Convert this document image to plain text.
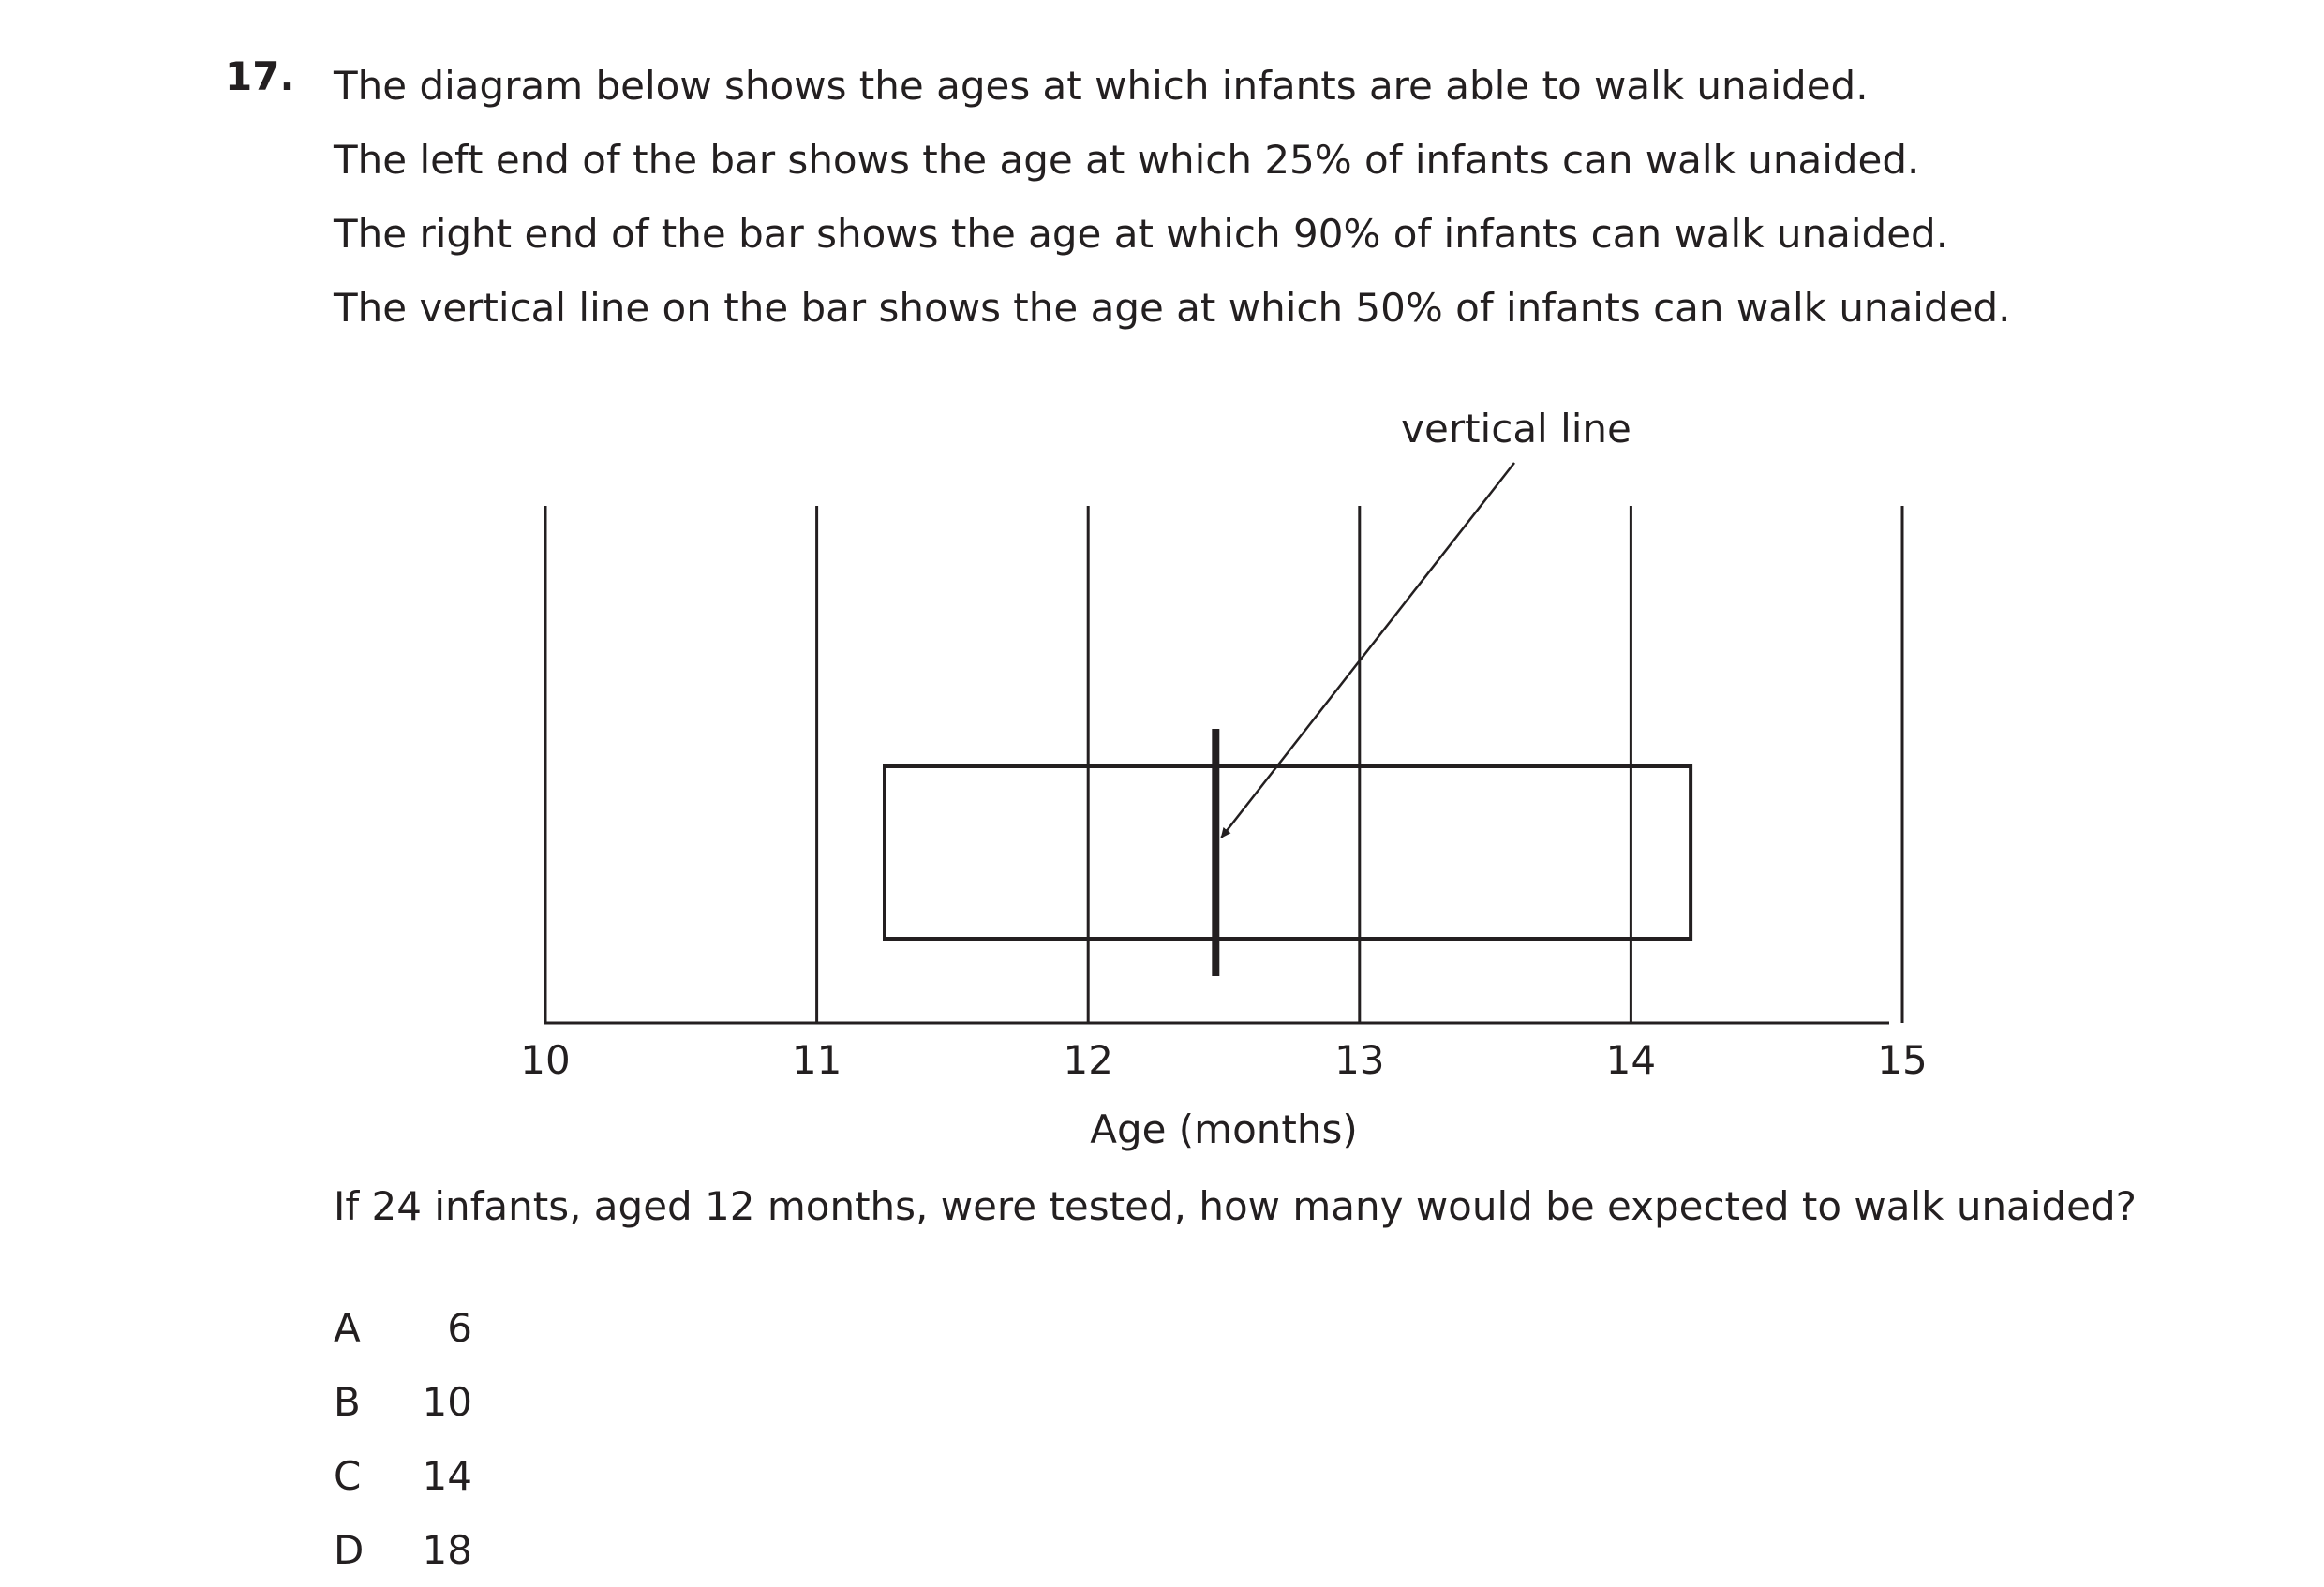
17. The diagram below shows the ages at which infants are able to walk unaided.
The left end of the bar shows the age at which 25% of infants can walk unaided.
The right end of the bar shows the age at which 90% of infants can walk unaided.
The vertical line on the bar shows the age at which 50% of infants can walk unaided.
vertical line
10	11	12	13	14	15
Age (months)
If 24 infants, aged 12 months, were tested, how many would be expected to walk unaided?
A	6
B	10
C	14
D	18
